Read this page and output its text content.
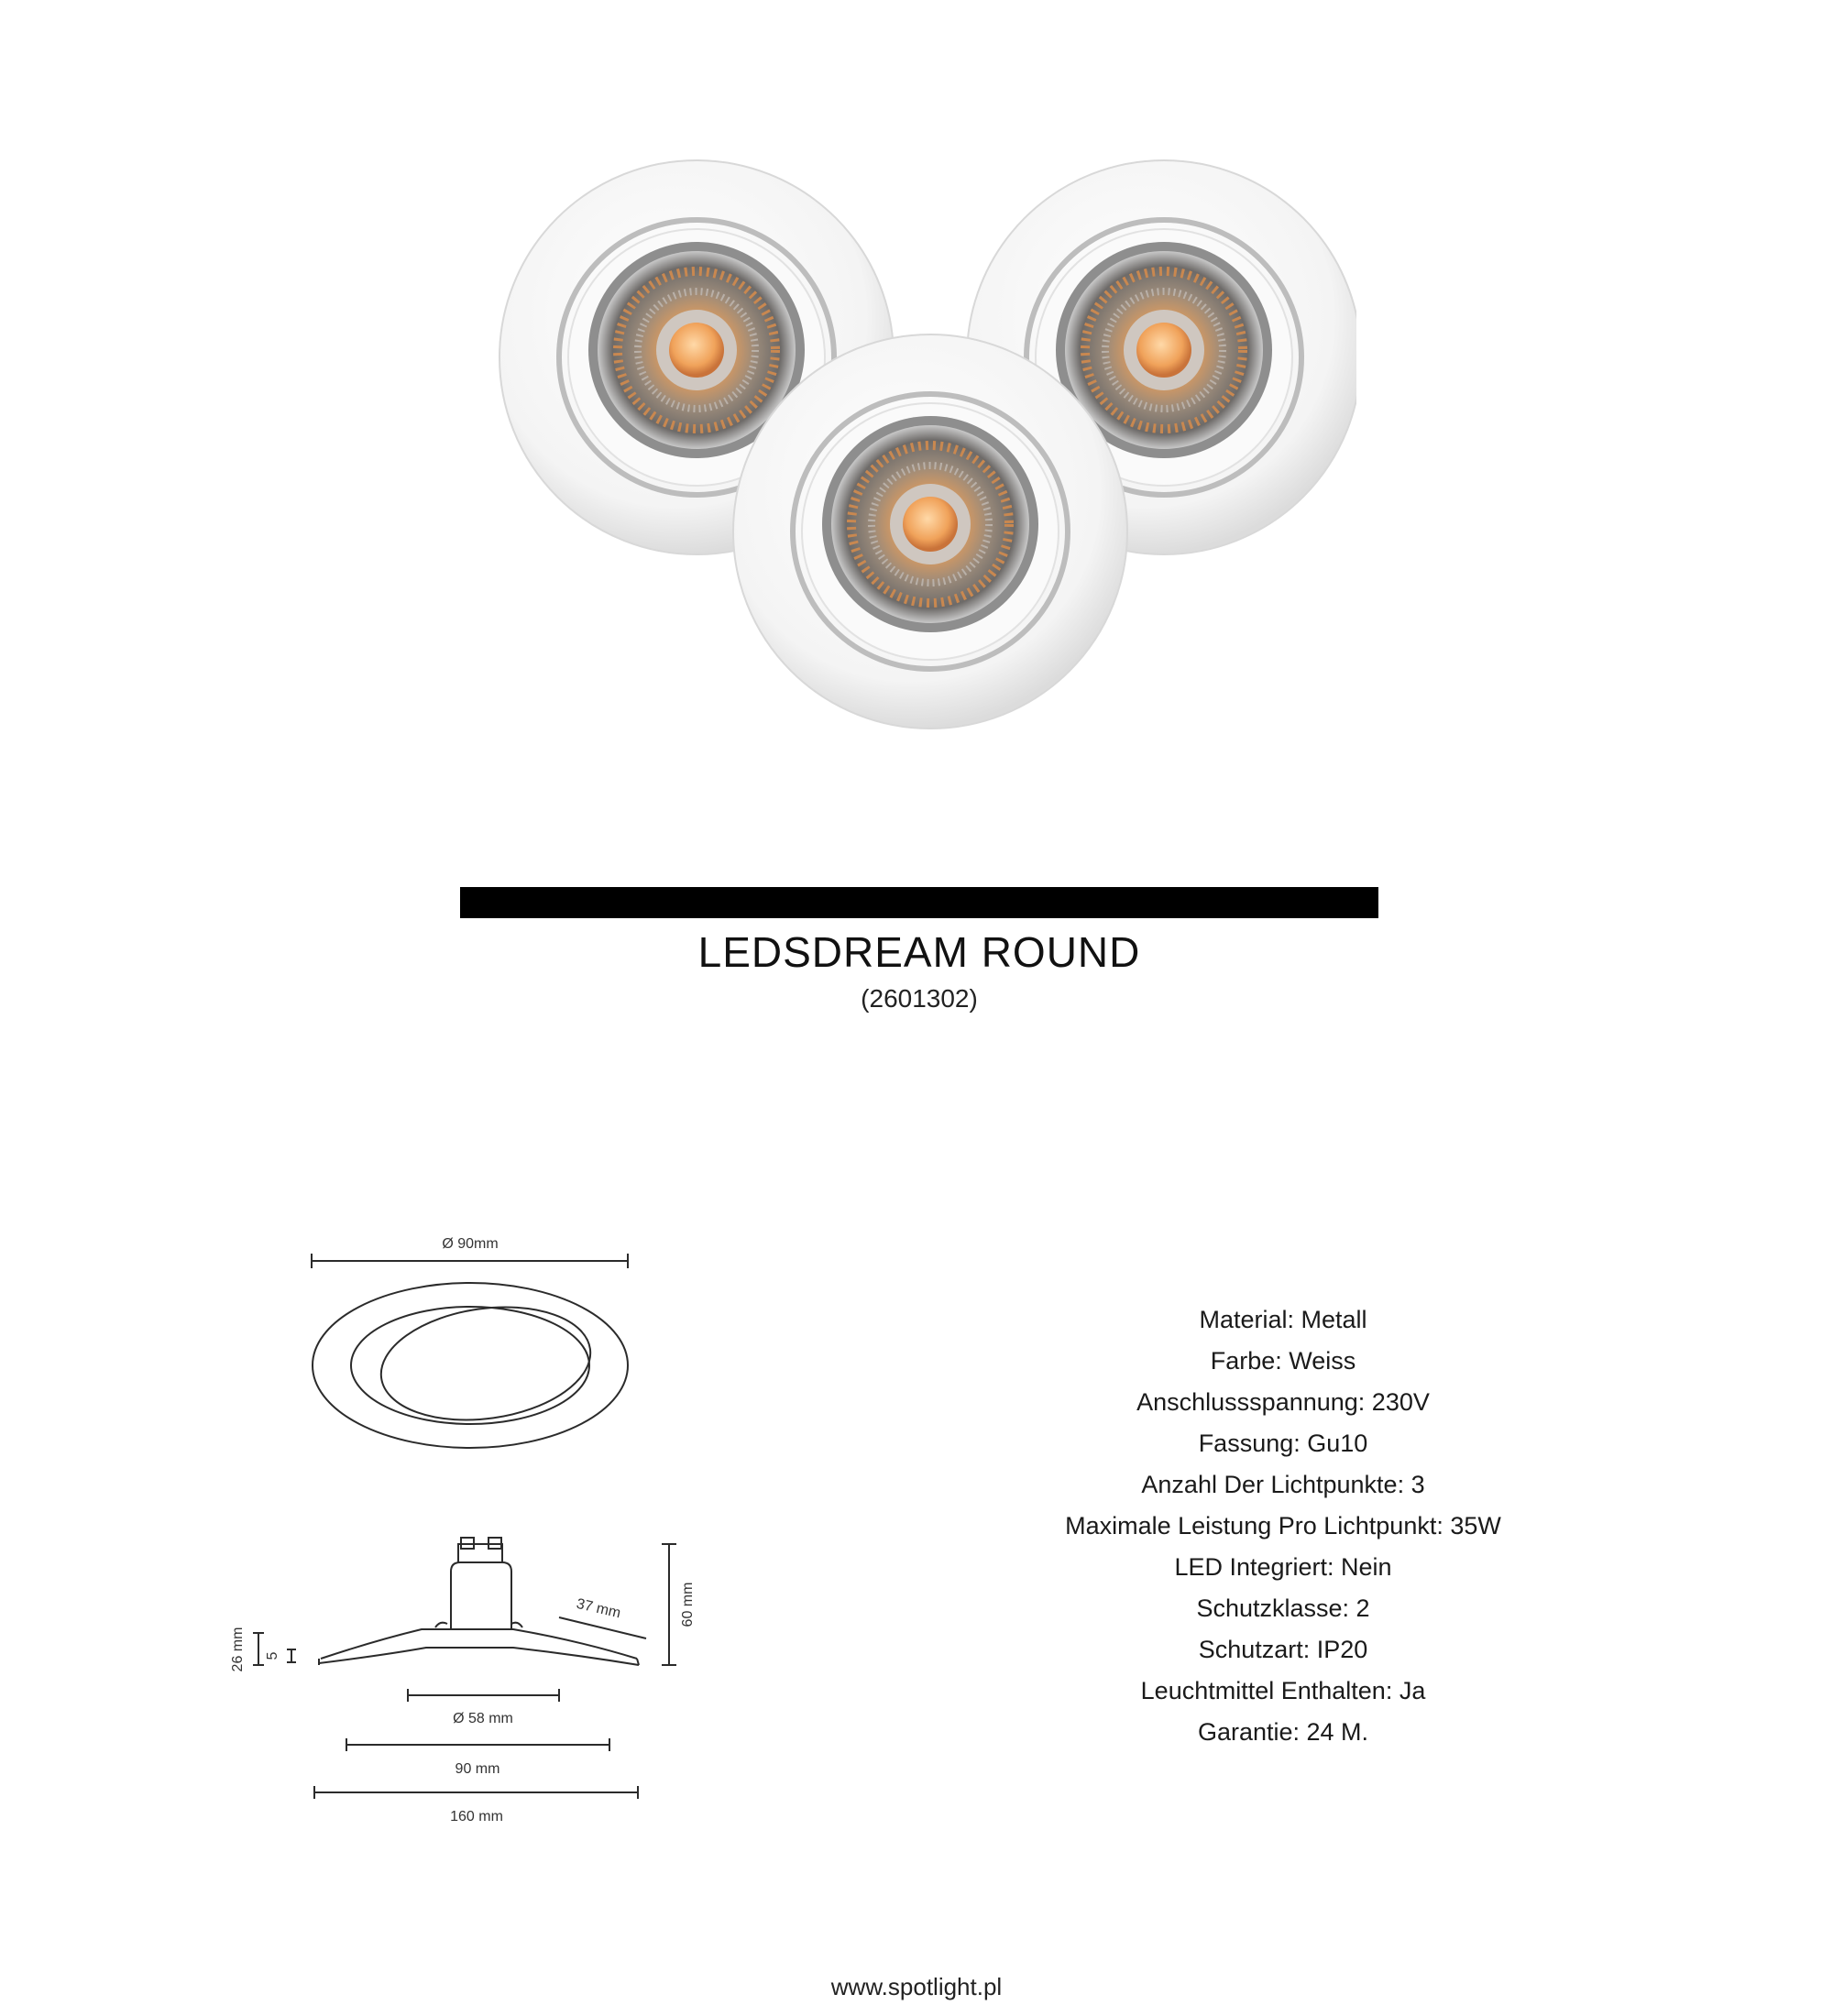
LEDSDREAM ROUND
(2601302)
Ø 90mm
60 mm
37 mm
26 mm 5
Ø 58 mm
90 mm
160 mm
Material: Metall
Farbe: Weiss
Anschlussspannung: 230V
Fassung: Gu10
Anzahl Der Lichtpunkte: 3
Maximale Leistung Pro Lichtpunkt: 35W
LED Integriert: Nein
Schutzklasse: 2
Schutzart: IP20
Leuchtmittel Enthalten: Ja
Garantie: 24 M.
www.spotlight.pl
